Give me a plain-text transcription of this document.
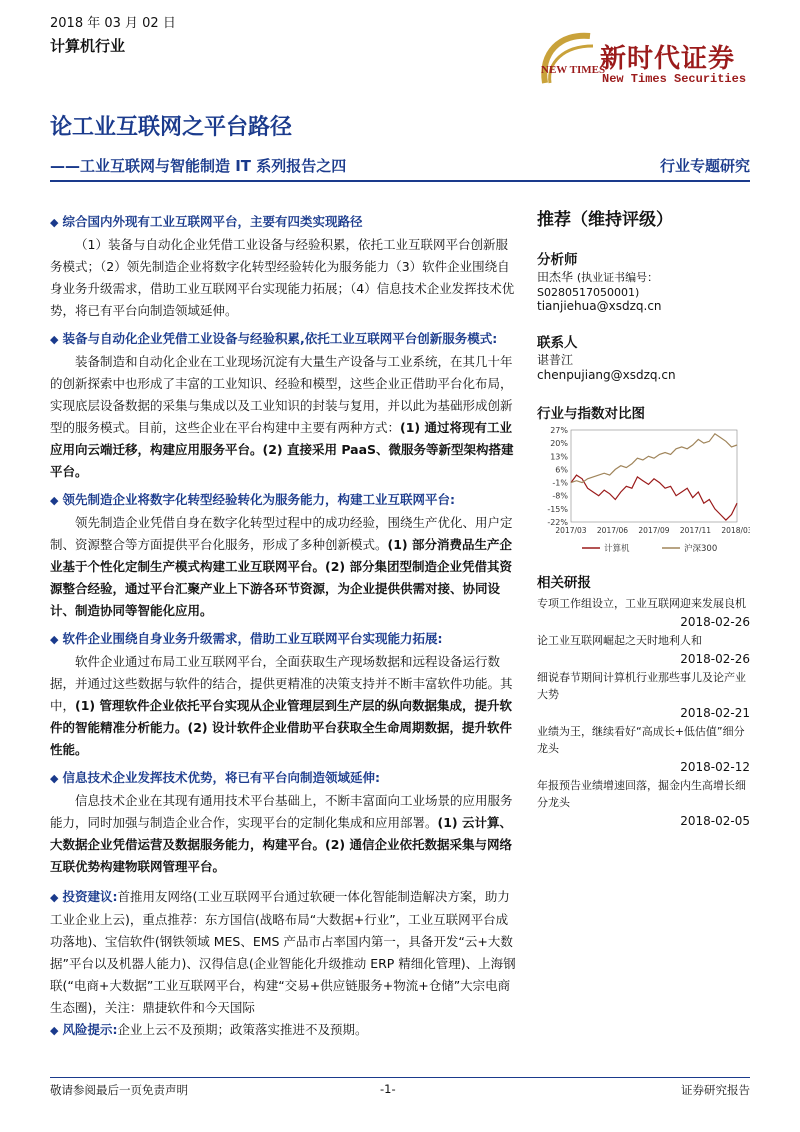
2018 年 03 月 02 日
计算机行业
NEW TIMES
新时代证券
New Times Securities
论工业互联网之平台路径
——工业互联网与智能制造 IT 系列报告之四	行业专题研究
◆ 综合国内外现有工业互联网平台，主要有四类实现路径
（1）装备与自动化企业凭借工业设备与经验积累，依托工业互联网平台创新服务模式；（2）领先制造企业将数字化转型经验转化为服务能力（3）软件企业围绕自身业务升级需求，借助工业互联网平台实现能力拓展；（4）信息技术企业发挥技术优势，将已有平台向制造领域延伸。
◆ 装备与自动化企业凭借工业设备与经验积累,依托工业互联网平台创新服务模式:
装备制造和自动化企业在工业现场沉淀有大量生产设备与工业系统，在其几十年的创新探索中也形成了丰富的工业知识、经验和模型，这些企业正借助平台化布局，实现底层设备数据的采集与集成以及工业知识的封装与复用，并以此为基础形成创新型的服务模式。目前，这些企业在平台构建中主要有两种方式：(1) 通过将现有工业应用向云端迁移，构建应用服务平台。(2) 直接采用 PaaS、微服务等新型架构搭建平台。
◆ 领先制造企业将数字化转型经验转化为服务能力，构建工业互联网平台:
领先制造企业凭借自身在数字化转型过程中的成功经验，围绕生产优化、用户定制、资源整合等方面提供平台化服务，形成了多种创新模式。(1) 部分消费品生产企业基于个性化定制生产模式构建工业互联网平台。(2) 部分集团型制造企业凭借其资源整合经验，通过平台汇聚产业上下游各环节资源，为企业提供供需对接、协同设计、制造协同等智能化应用。
◆ 软件企业围绕自身业务升级需求，借助工业互联网平台实现能力拓展:
软件企业通过布局工业互联网平台，全面获取生产现场数据和远程设备运行数据，并通过这些数据与软件的结合，提供更精准的决策支持并不断丰富软件功能。其中，(1) 管理软件企业依托平台实现从企业管理层到生产层的纵向数据集成，提升软件的智能精准分析能力。(2) 设计软件企业借助平台获取全生命周期数据，提升软件性能。
◆ 信息技术企业发挥技术优势，将已有平台向制造领域延伸:
信息技术企业在其现有通用技术平台基础上，不断丰富面向工业场景的应用服务能力，同时加强与制造企业合作，实现平台的定制化集成和应用部署。(1) 云计算、大数据企业凭借运营及数据服务能力，构建平台。(2) 通信企业依托数据采集与网络互联优势构建物联网管理平台。
◆ 投资建议:首推用友网络(工业互联网平台通过软硬一体化智能制造解决方案，助力工业企业上云)，重点推荐：东方国信(战略布局“大数据+行业”，工业互联网平台成功落地)、宝信软件(钢铁领域 MES、EMS 产品市占率国内第一，具备开发“云+大数据”平台以及机器人能力)、汉得信息(企业智能化升级推动 ERP 精细化管理)、上海钢联(“电商+大数据”工业互联网平台，构建“交易+供应链服务+物流+仓储”大宗电商生态圈)，关注：鼎捷软件和今天国际
◆ 风险提示:企业上云不及预期；政策落实推进不及预期。
推荐（维持评级）
分析师
田杰华 (执业证书编号：S0280517050001)
tianjiehua@xsdzq.cn
联系人
谌普江
chenpujiang@xsdzq.cn
行业与指数对比图
27%
20%
13%
6%
-1%
-8%
-15%
-22%
2017/03 2017/06 2017/09 2017/11 2018/03
计算机	沪深300
相关研报
专项工作组设立，工业互联网迎来发展良机
2018-02-26
论工业互联网崛起之天时地利人和
2018-02-26
细说春节期间计算机行业那些事儿及论产业大势
2018-02-21
业绩为王，继续看好“高成长+低估值”细分龙头
2018-02-12
年报预告业绩增速回落，掘金内生高增长细分龙头
2018-02-05
敬请参阅最后一页免责声明	-1-	证券研究报告
